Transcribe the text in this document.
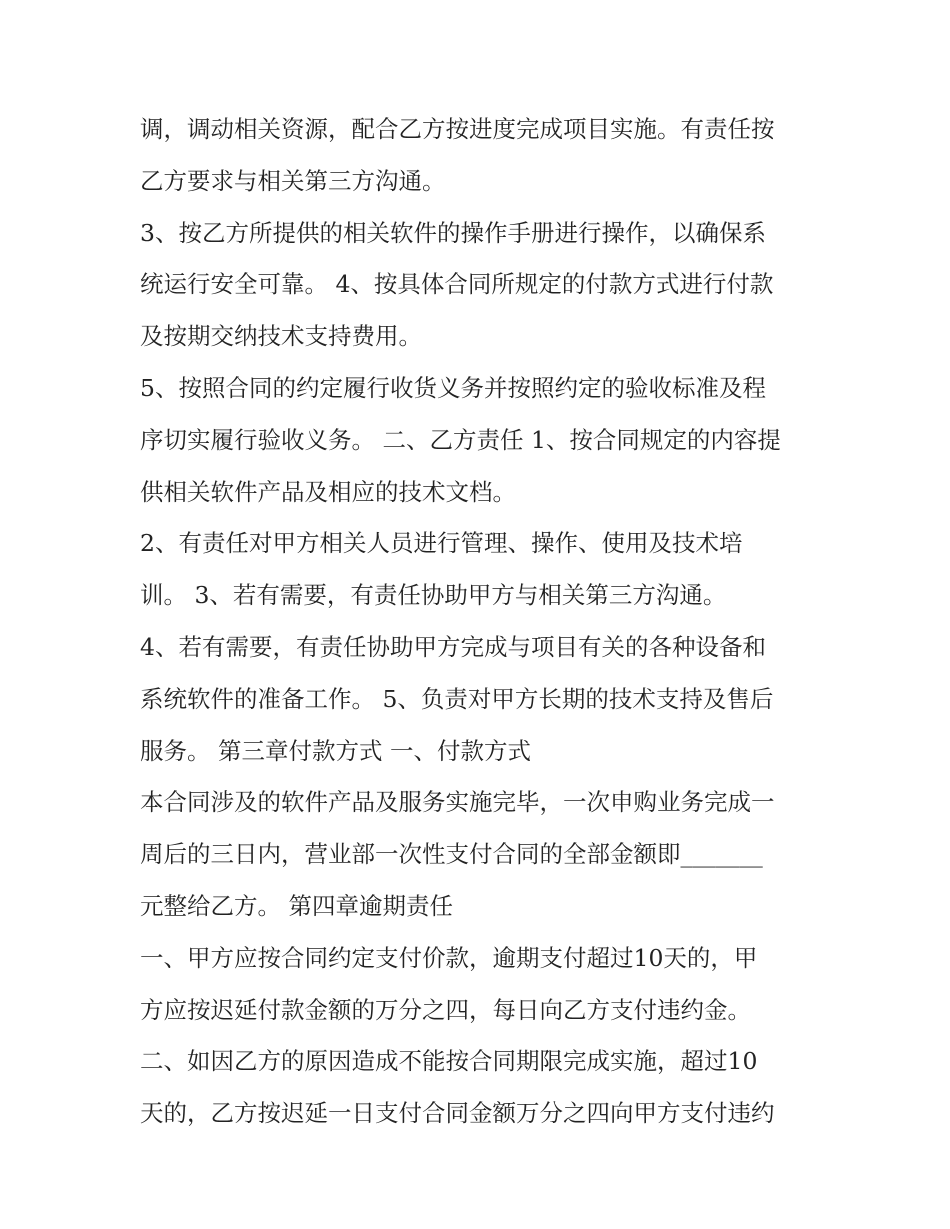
调，调动相关资源，配合乙方按进度完成项目实施。有责任按
乙方要求与相关第三方沟通。
3、按乙方所提供的相关软件的操作手册进行操作，以确保系
统运行安全可靠。 4、按具体合同所规定的付款方式进行付款
及按期交纳技术支持费用。
5、按照合同的约定履行收货义务并按照约定的验收标准及程
序切实履行验收义务。 二、乙方责任 1、按合同规定的内容提
供相关软件产品及相应的技术文档。
2、有责任对甲方相关人员进行管理、操作、使用及技术培
训。 3、若有需要，有责任协助甲方与相关第三方沟通。
4、若有需要，有责任协助甲方完成与项目有关的各种设备和
系统软件的准备工作。 5、负责对甲方长期的技术支持及售后
服务。 第三章付款方式 一、付款方式
本合同涉及的软件产品及服务实施完毕，一次申购业务完成一
周后的三日内，营业部一次性支付合同的全部金额即_______
元整给乙方。 第四章逾期责任
一、甲方应按合同约定支付价款，逾期支付超过10天的，甲
方应按迟延付款金额的万分之四，每日向乙方支付违约金。
二、如因乙方的原因造成不能按合同期限完成实施，超过10
天的，乙方按迟延一日支付合同金额万分之四向甲方支付违约
